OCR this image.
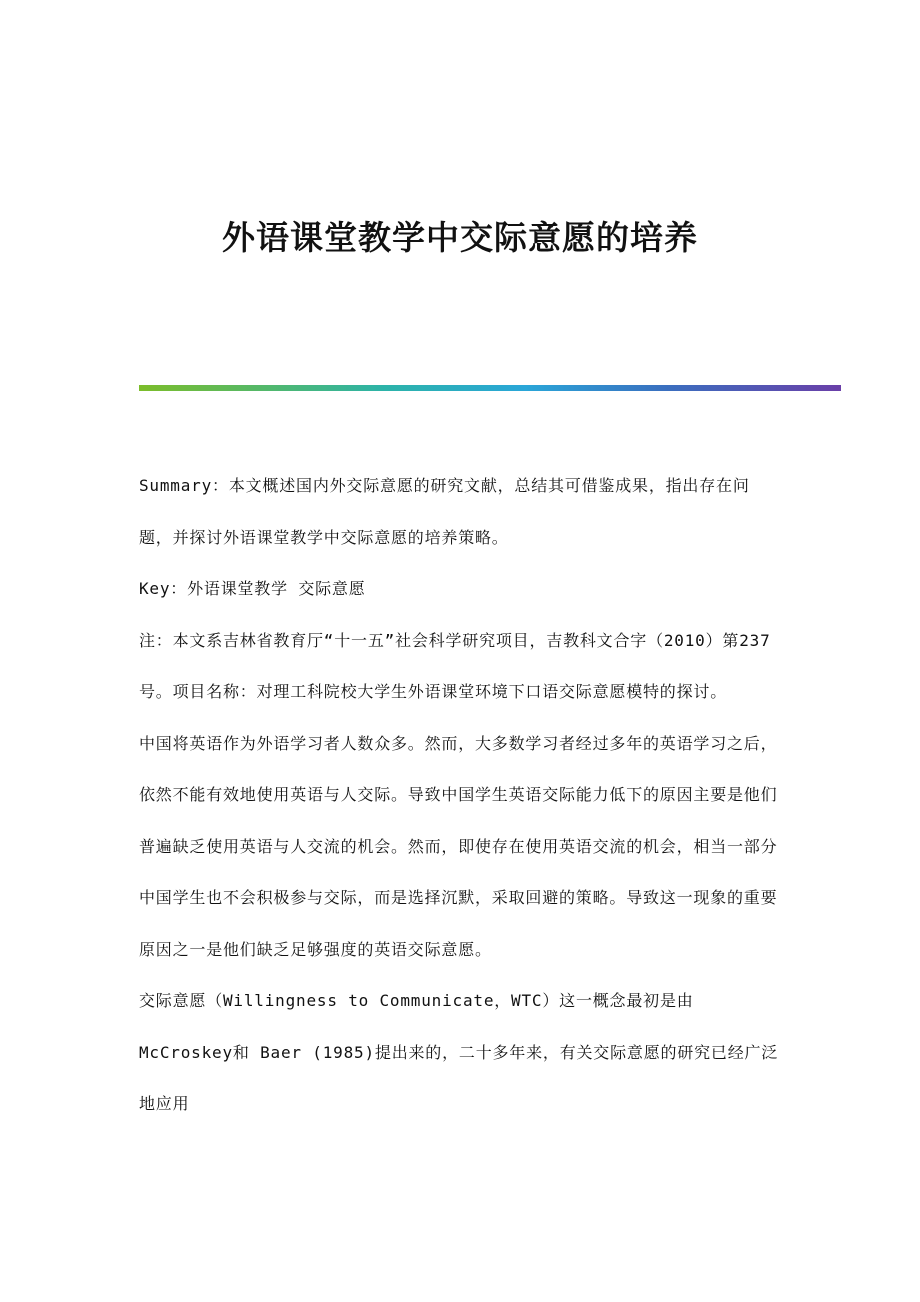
外语课堂教学中交际意愿的培养

Summary：本文概述国内外交际意愿的研究文献，总结其可借鉴成果，指出存在问题，并探讨外语课堂教学中交际意愿的培养策略。

Key：外语课堂教学 交际意愿

注：本文系吉林省教育厅“十一五”社会科学研究项目，吉教科文合字（2010）第237号。项目名称：对理工科院校大学生外语课堂环境下口语交际意愿模特的探讨。

中国将英语作为外语学习者人数众多。然而，大多数学习者经过多年的英语学习之后，依然不能有效地使用英语与人交际。导致中国学生英语交际能力低下的原因主要是他们普遍缺乏使用英语与人交流的机会。然而，即使存在使用英语交流的机会，相当一部分中国学生也不会积极参与交际，而是选择沉默，采取回避的策略。导致这一现象的重要原因之一是他们缺乏足够强度的英语交际意愿。

交际意愿（Willingness to Communicate，WTC）这一概念最初是由McCroskey和 Baer (1985)提出来的，二十多年来，有关交际意愿的研究已经广泛地应用
